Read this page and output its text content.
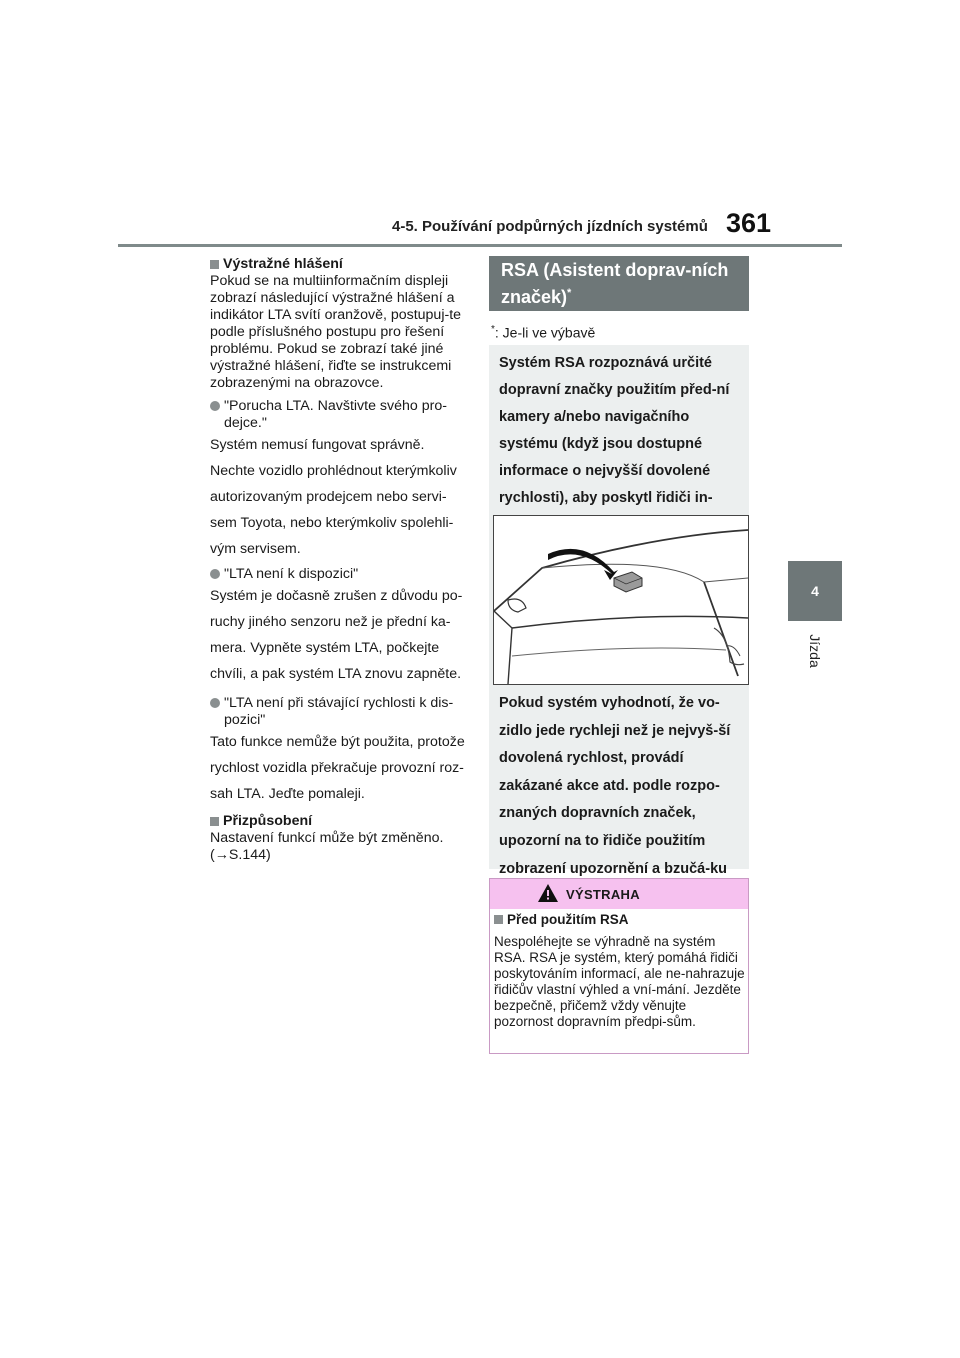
4-5. Používání podpůrných jízdních systémů 361
4
Jízda
Výstražné hlášení

Pokud se na multiinformačním displeji zobrazí následující výstražné hlášení a indikátor LTA svítí oranžově, postupuj-te podle příslušného postupu pro řešení problému. Pokud se zobrazí také jiné výstražné hlášení, řiďte se instrukcemi zobrazenými na obrazovce.

"Porucha LTA. Navštivte svého pro-dejce."

Systém nemusí fungovat správně. Nechte vozidlo prohlédnout kterýmkoliv autorizovaným prodejcem nebo servi-sem Toyota, nebo kterýmkoliv spolehli-vým servisem.

"LTA není k dispozici"

Systém je dočasně zrušen z důvodu po-ruchy jiného senzoru než je přední ka-mera. Vypněte systém LTA, počkejte chvíli, a pak systém LTA znovu zapněte.

"LTA není při stávající rychlosti k dis-pozici"

Tato funkce nemůže být použita, protože rychlost vozidla překračuje provozní roz-sah LTA. Jeďte pomaleji.

Přizpůsobení

Nastavení funkcí může být změněno. (→S.144)

RSA (Asistent doprav-ních značek)*
*: Je-li ve výbavě
Systém RSA rozpoznává určité dopravní značky použitím před-ní kamery a/nebo navigačního systému (když jsou dostupné informace o nejvyšší dovolené rychlosti), aby poskytl řidiči in-
Pokud systém vyhodnotí, že vo-zidlo jede rychleji než je nejvyš-ší dovolená rychlost, provádí zakázané akce atd. podle rozpo-znaných dopravních značek, upozorní na to řidiče použitím zobrazení upozornění a bzučá-ku
VÝSTRAHA
Před použitím RSA

Nespoléhejte se výhradně na systém RSA. RSA je systém, který pomáhá řidiči poskytováním informací, ale ne-nahrazuje řidičův vlastní výhled a vní-mání. Jezděte bezpečně, přičemž vždy věnujte pozornost dopravním předpi-sům.
